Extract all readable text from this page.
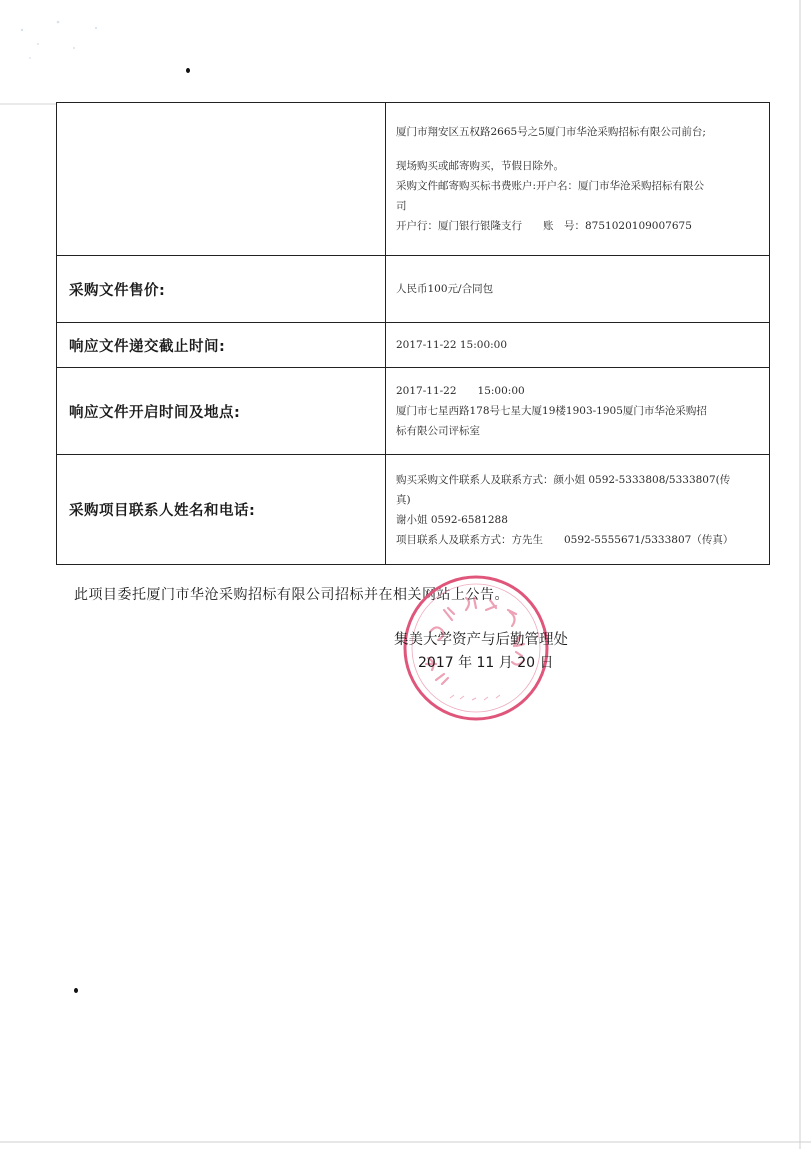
	厦门市翔安区五权路2665号之5厦门市华沧采购招标有限公司前台;

现场购买或邮寄购买，节假日除外。

采购文件邮寄购买标书费账户:开户名：厦门市华沧采购招标有限公

司

开户行：厦门银行银隆支行　　账　号：8751020109007675

采购文件售价:	人民币100元/合同包

响应文件递交截止时间:	2017-11-22 15:00:00

响应文件开启时间及地点:	2017-11-22　　15:00:00

厦门市七星西路178号七星大厦19楼1903-1905厦门市华沧采购招

标有限公司评标室

采购项目联系人姓名和电话:	购买采购文件联系人及联系方式：颜小姐 0592-5333808/5333807(传

真)

谢小姐 0592-6581288

项目联系人及联系方式：方先生　　0592-5555671/5333807（传真）

此项目委托厦门市华沧采购招标有限公司招标并在相关网站上公告。
集美大学资产与后勤管理处
2017 年 11 月 20 日
